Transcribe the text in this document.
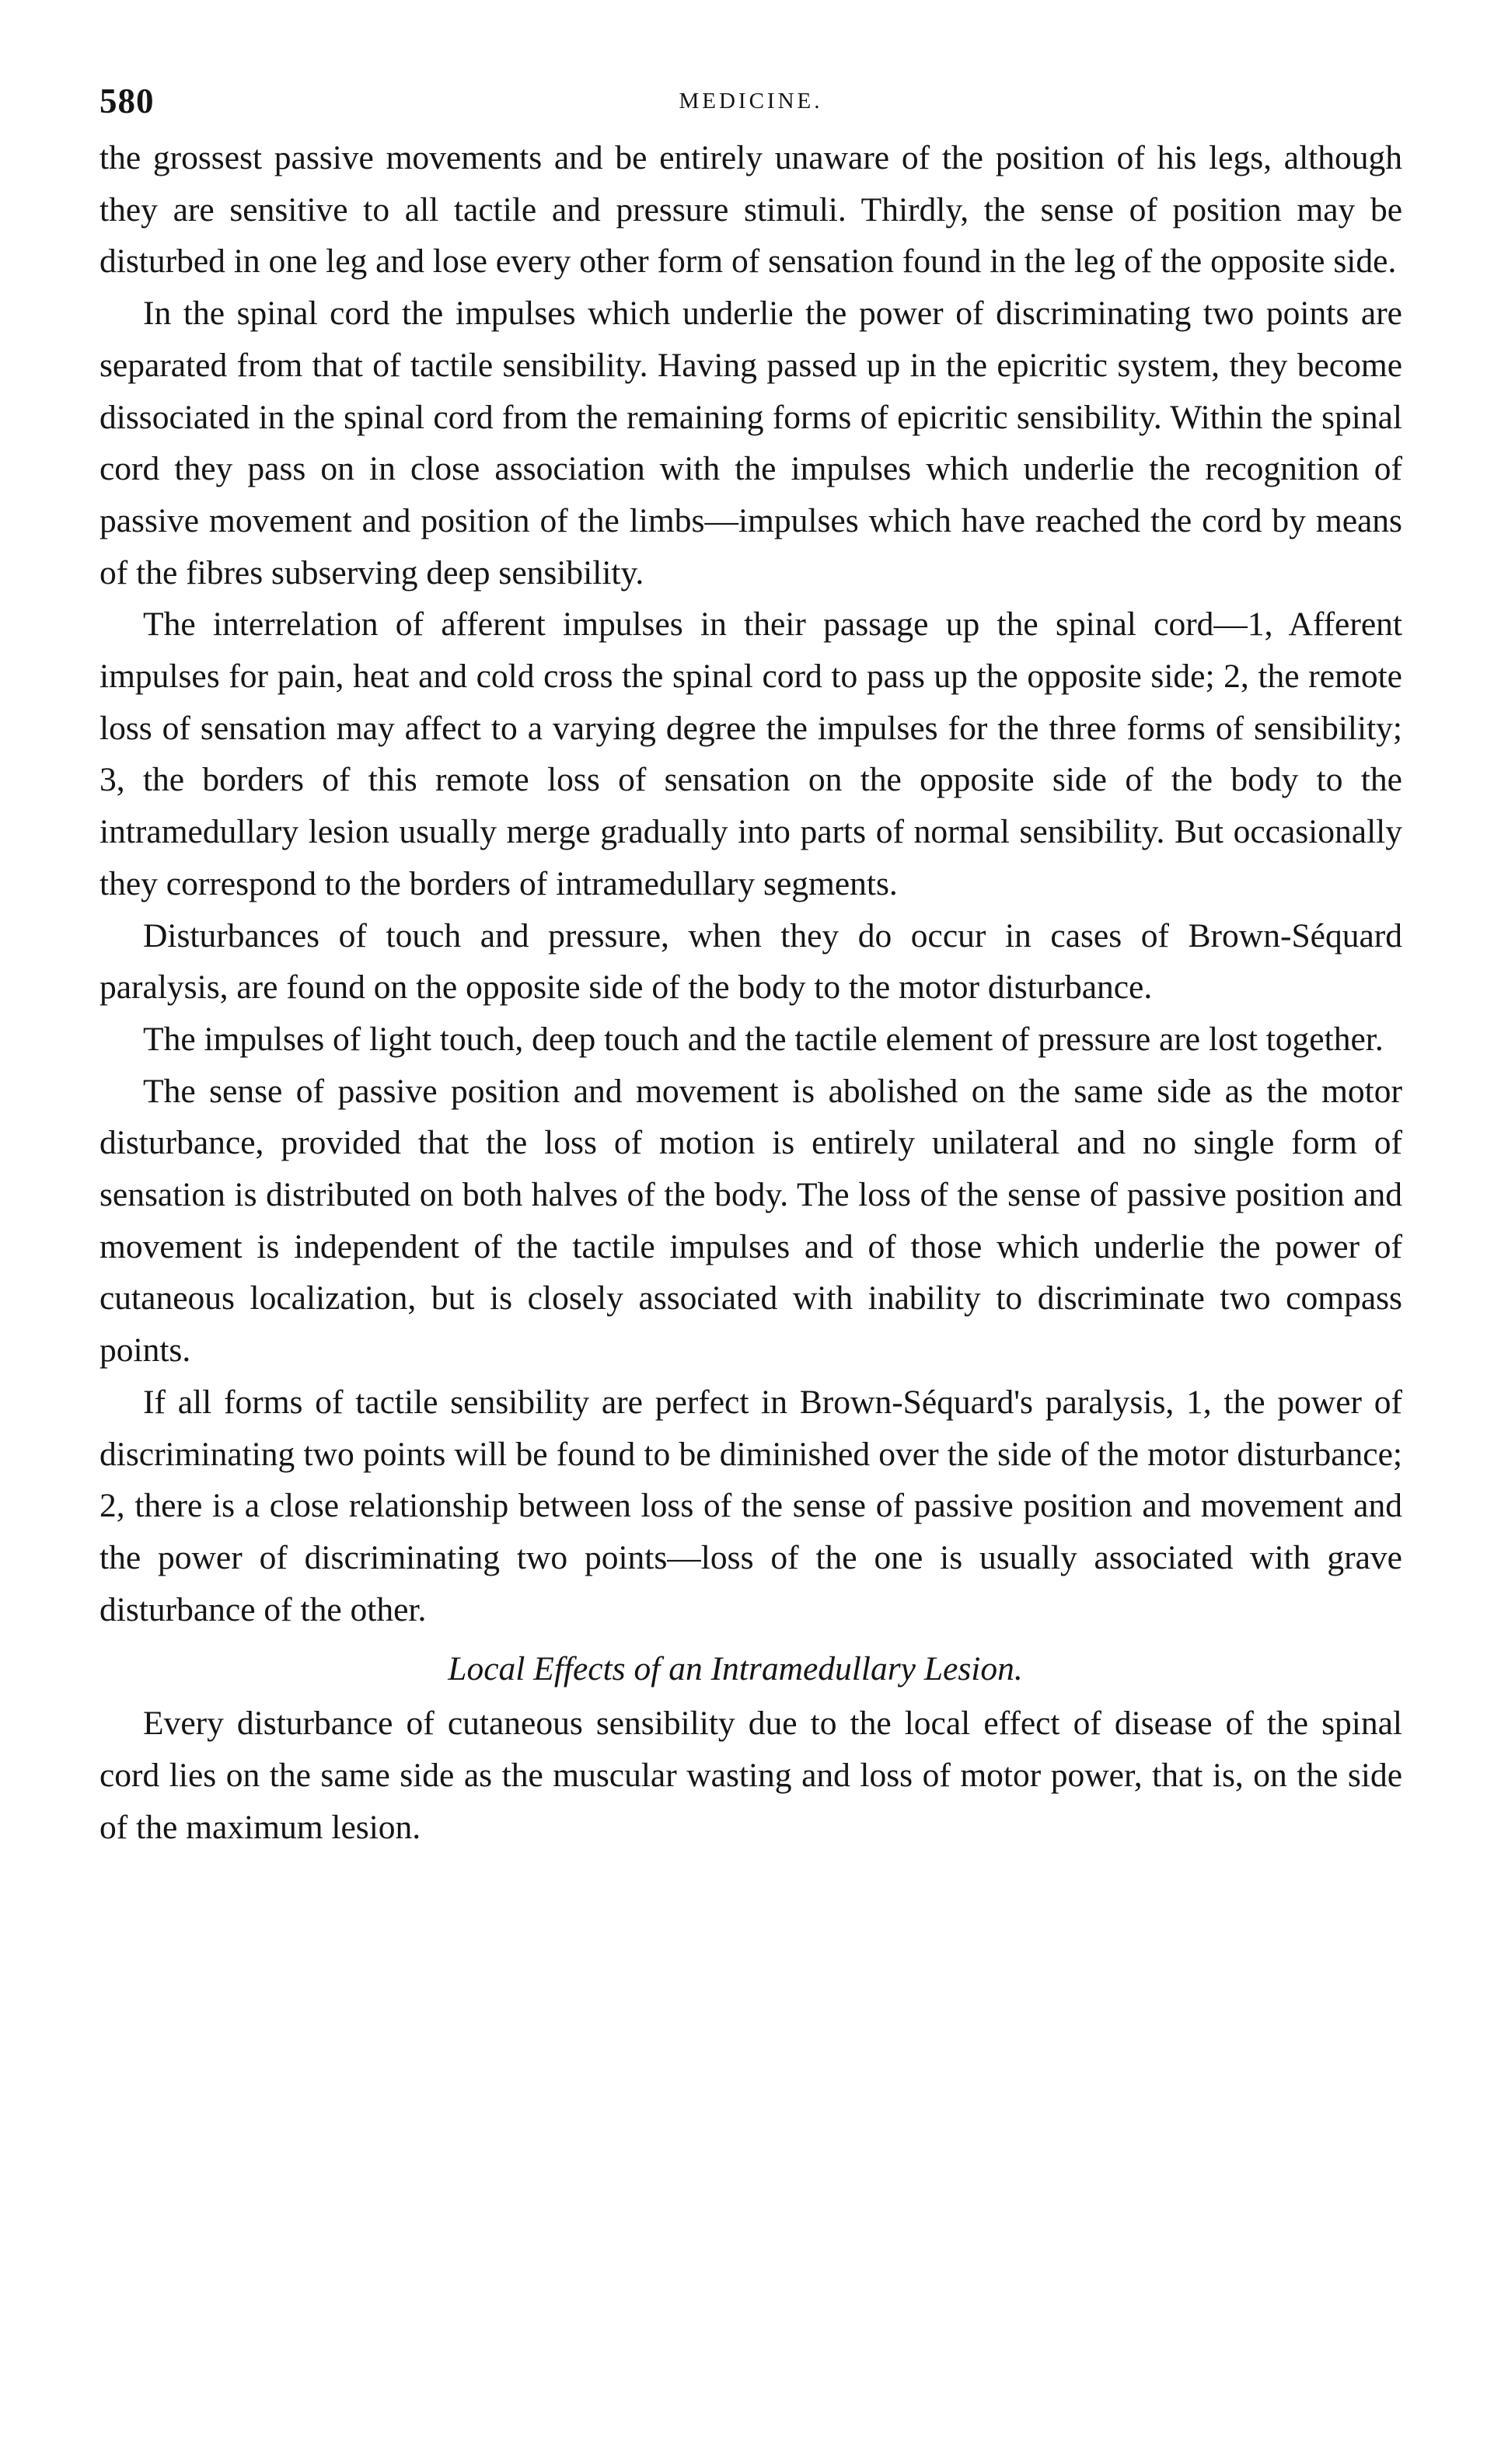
580	MEDICINE.

the grossest passive movements and be entirely unaware of the position of his legs, although they are sensitive to all tactile and pressure stimuli. Thirdly, the sense of position may be disturbed in one leg and lose every other form of sensation found in the leg of the opposite side.

In the spinal cord the impulses which underlie the power of discriminating two points are separated from that of tactile sensibility. Having passed up in the epicritic system, they become dissociated in the spinal cord from the remaining forms of epicritic sensibility. Within the spinal cord they pass on in close association with the impulses which underlie the recognition of passive movement and position of the limbs—impulses which have reached the cord by means of the fibres subserving deep sensibility.

The interrelation of afferent impulses in their passage up the spinal cord—1, Afferent impulses for pain, heat and cold cross the spinal cord to pass up the opposite side; 2, the remote loss of sensation may affect to a varying degree the impulses for the three forms of sensibility; 3, the borders of this remote loss of sensation on the opposite side of the body to the intramedullary lesion usually merge gradually into parts of normal sensibility. But occasionally they correspond to the borders of intramedullary segments.

Disturbances of touch and pressure, when they do occur in cases of Brown-Séquard paralysis, are found on the opposite side of the body to the motor disturbance.

The impulses of light touch, deep touch and the tactile element of pressure are lost together.

The sense of passive position and movement is abolished on the same side as the motor disturbance, provided that the loss of motion is entirely unilateral and no single form of sensation is distributed on both halves of the body. The loss of the sense of passive position and movement is independent of the tactile impulses and of those which underlie the power of cutaneous localization, but is closely associated with inability to discriminate two compass points.

If all forms of tactile sensibility are perfect in Brown-Séquard's paralysis, 1, the power of discriminating two points will be found to be diminished over the side of the motor disturbance; 2, there is a close relationship between loss of the sense of passive position and movement and the power of discriminating two points—loss of the one is usually associated with grave disturbance of the other.

Local Effects of an Intramedullary Lesion.

Every disturbance of cutaneous sensibility due to the local effect of disease of the spinal cord lies on the same side as the muscular wasting and loss of motor power, that is, on the side of the maximum lesion.
